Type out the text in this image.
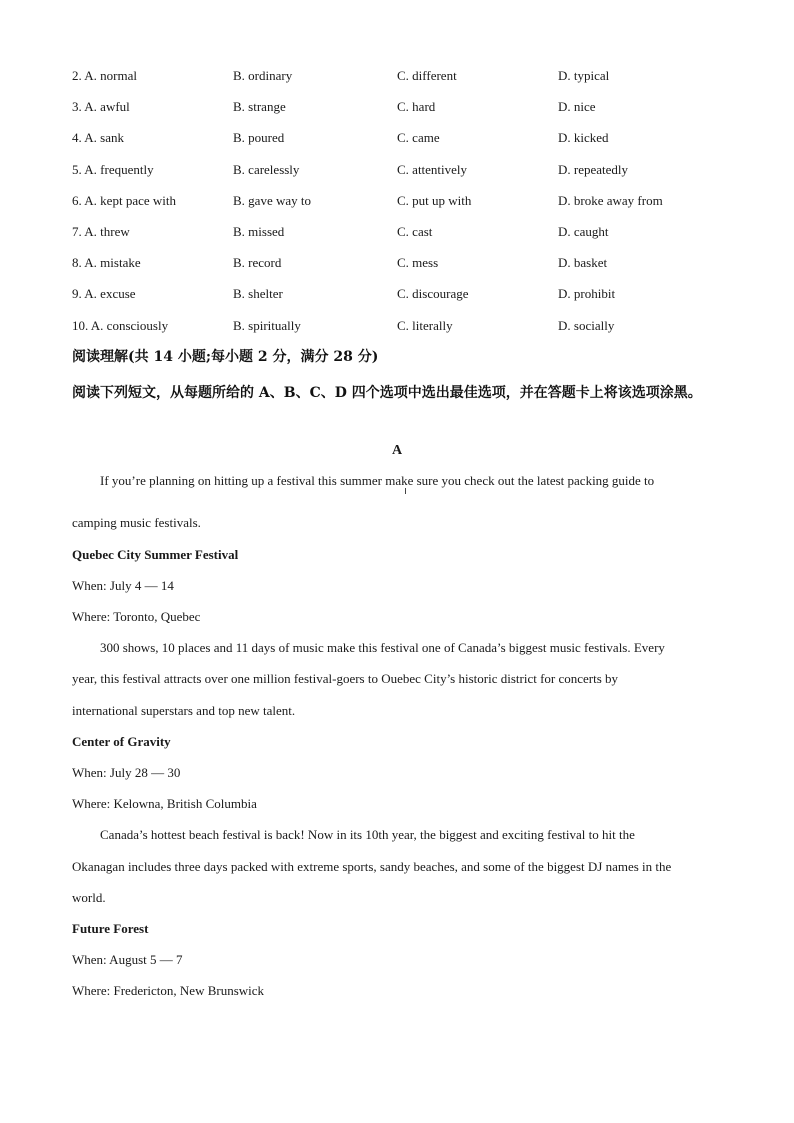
2. A. normal	B. ordinary	C. different	D. typical
3. A. awful	B. strange	C. hard	D. nice
4. A. sank	B. poured	C. came	D. kicked
5. A. frequently	B. carelessly	C. attentively	D. repeatedly
6. A. kept pace with	B. gave way to	C. put up with	D. broke away from
7. A. threw	B. missed	C. cast	D. caught
8. A. mistake	B. record	C. mess	D. basket
9. A. excuse	B. shelter	C. discourage	D. prohibit
10. A. consciously	B. spiritually	C. literally	D. socially
阅读理解(共 14 小题;每小题 2 分，满分 28 分)
阅读下列短文，从每题所给的 A、B、C、D 四个选项中选出最佳选项，并在答题卡上将该选项涂黑。
A
If you’re planning on hitting up a festival this summer make sure you check out the latest packing guide to
camping music festivals.
Quebec City Summer Festival
When: July 4 — 14
Where: Toronto, Quebec
300 shows, 10 places and 11 days of music make this festival one of Canada’s biggest music festivals. Every
year, this festival attracts over one million festival-goers to Ouebec City’s historic district for concerts by
international superstars and top new talent.
Center of Gravity
When: July 28 — 30
Where: Kelowna, British Columbia
Canada’s hottest beach festival is back! Now in its 10th year, the biggest and exciting festival to hit the
Okanagan includes three days packed with extreme sports, sandy beaches, and some of the biggest DJ names in the
world.
Future Forest
When: August 5 — 7
Where: Fredericton, New Brunswick
